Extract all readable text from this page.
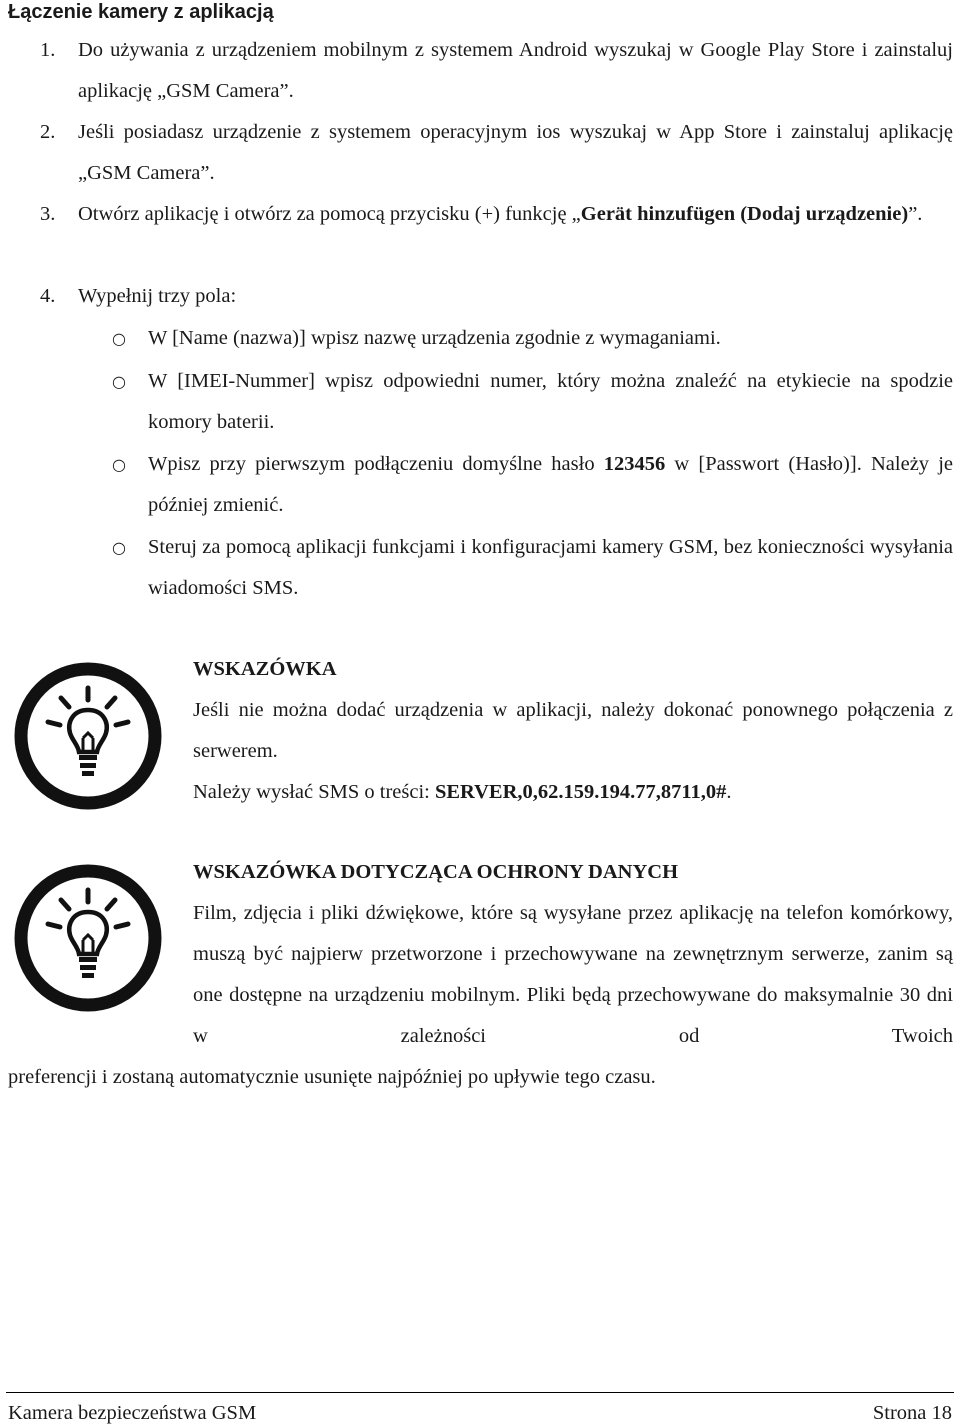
Łączenie kamery z aplikacją
1. Do używania z urządzeniem mobilnym z systemem Android wyszukaj w Google Play Store i zainstaluj aplikację „GSM Camera”.
2. Jeśli posiadasz urządzenie z systemem operacyjnym ios wyszukaj w App Store i zainstaluj aplikację „GSM Camera”.
3. Otwórz aplikację i otwórz za pomocą przycisku (+) funkcję „Gerät hinzufügen (Dodaj urządzenie)”.
4. Wypełnij trzy pola:
○ W [Name (nazwa)] wpisz nazwę urządzenia zgodnie z wymaganiami.
○ W [IMEI-Nummer] wpisz odpowiedni numer, który można znaleźć na etykiecie na spodzie komory baterii.
○ Wpisz przy pierwszym podłączeniu domyślne hasło 123456 w [Passwort (Hasło)]. Należy je później zmienić.
○ Steruj za pomocą aplikacji funkcjami i konfiguracjami kamery GSM, bez konieczności wysyłania wiadomości SMS.

WSKAZÓWKA

Jeśli nie można dodać urządzenia w aplikacji, należy dokonać ponownego połączenia z serwerem.

Należy wysłać SMS o treści: SERVER,0,62.159.194.77,8711,0#.

WSKAZÓWKA DOTYCZĄCA OCHRONY DANYCH

Film, zdjęcia i pliki dźwiękowe, które są wysyłane przez aplikację na telefon komórkowy, muszą być najpierw przetworzone i przechowywane na zewnętrznym serwerze, zanim są one dostępne na urządzeniu mobilnym. Pliki będą przechowywane do maksymalnie 30 dni w zależności od Twoich

preferencji i zostaną automatycznie usunięte najpóźniej po upływie tego czasu.
Kamera bezpieczeństwa GSM	Strona 18
